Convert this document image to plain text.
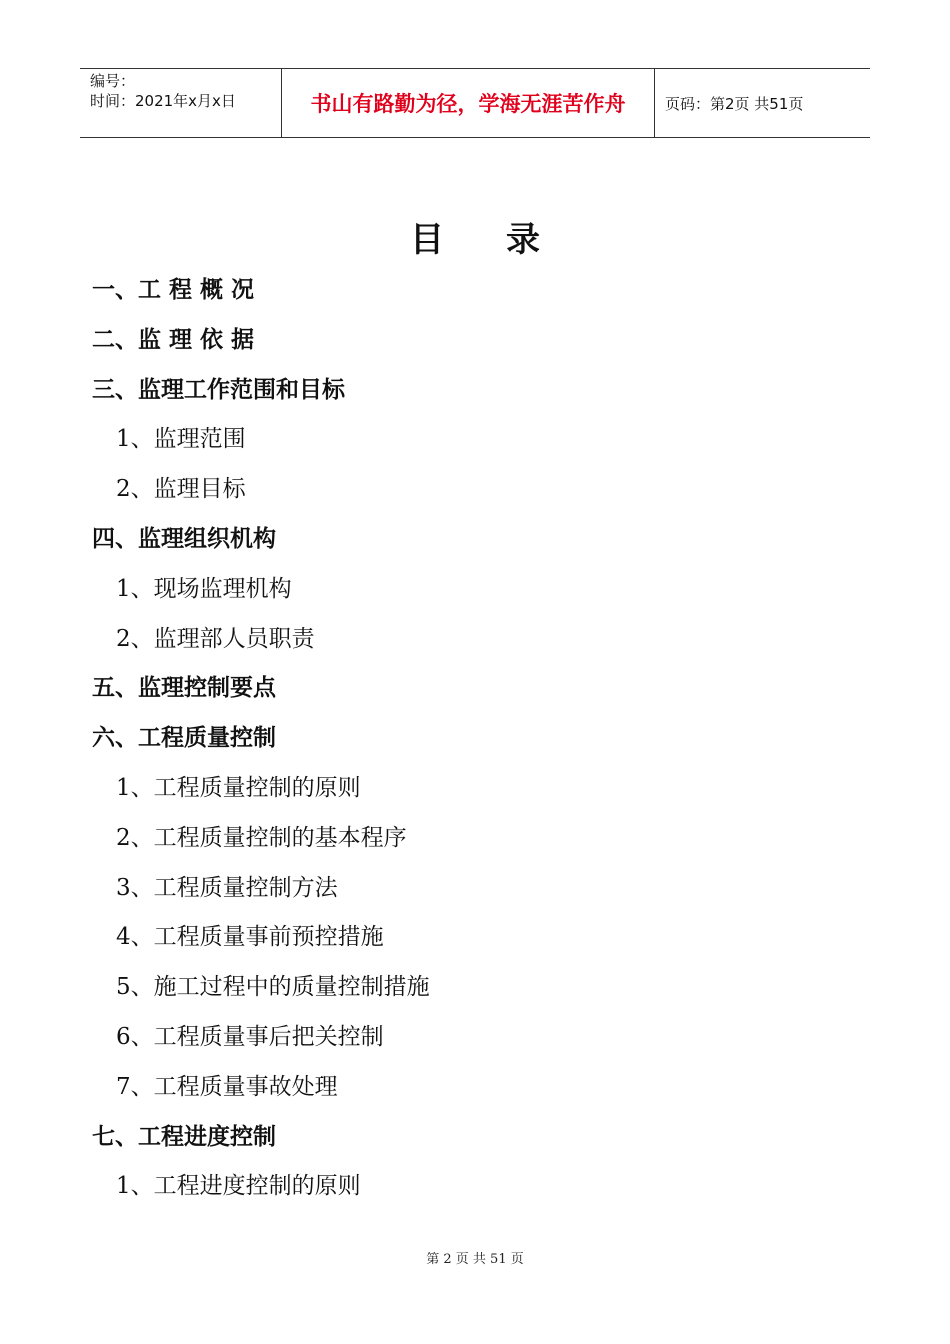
编号：
时间：2021年x月x日	书山有路勤为径，学海无涯苦作舟	页码：第2页 共51页
目录
一、工 程 概 况
二、监 理 依 据
三、监理工作范围和目标
1、监理范围
2、监理目标
四、监理组织机构
1、现场监理机构
2、监理部人员职责
五、监理控制要点
六、工程质量控制
1、工程质量控制的原则
2、工程质量控制的基本程序
3、工程质量控制方法
4、工程质量事前预控措施
5、施工过程中的质量控制措施
6、工程质量事后把关控制
7、工程质量事故处理
七、工程进度控制
1、工程进度控制的原则
第 2 页 共 51 页
